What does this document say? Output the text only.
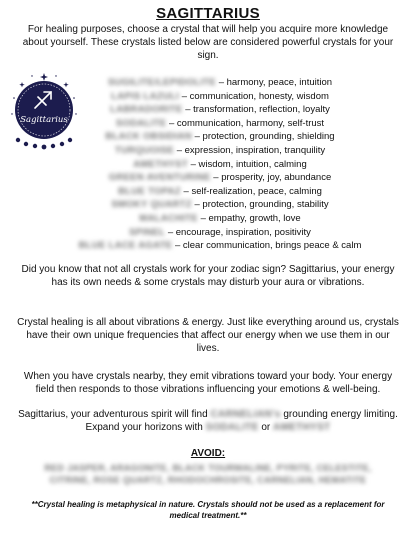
SAGITTARIUS
For healing purposes, choose a crystal that will help you acquire more knowledge about yourself. These crystals listed below are considered powerful crystals for your sign.
Sagittarius
SUGILITE/LEPIDOLITE – harmony, peace, intuition
LAPIS LAZULI – communication, honesty, wisdom
LABRADORITE – transformation, reflection, loyalty
SODALITE – communication, harmony, self-trust
BLACK OBSIDIAN – protection, grounding, shielding
TURQUOISE – expression, inspiration, tranquility
AMETHYST – wisdom, intuition, calming
GREEN AVENTURINE – prosperity, joy, abundance
BLUE TOPAZ – self-realization, peace, calming
SMOKY QUARTZ – protection, grounding, stability
MALACHITE – empathy, growth, love
SPINEL – encourage, inspiration, positivity
BLUE LACE AGATE – clear communication, brings peace & calm
Did you know that not all crystals work for your zodiac sign? Sagittarius, your energy has its own needs & some crystals may disturb your aura or vibrations.
Crystal healing is all about vibrations & energy. Just like everything around us, crystals have their own unique frequencies that affect our energy when we use them in our lives.
When you have crystals nearby, they emit vibrations toward your body. Your energy field then responds to those vibrations influencing your emotions & well-being.
Sagittarius, your adventurous spirit will find CARNELIAN's grounding energy limiting. Expand your horizons with SODALITE or AMETHYST
AVOID:
RED JASPER, ARAGONITE, BLACK TOURMALINE, PYRITE, CELESTITE, CITRINE, ROSE QUARTZ, RHODOCHROSITE, CARNELIAN, HEMATITE
**Crystal healing is metaphysical in nature. Crystals should not be used as a replacement for medical treatment.**
